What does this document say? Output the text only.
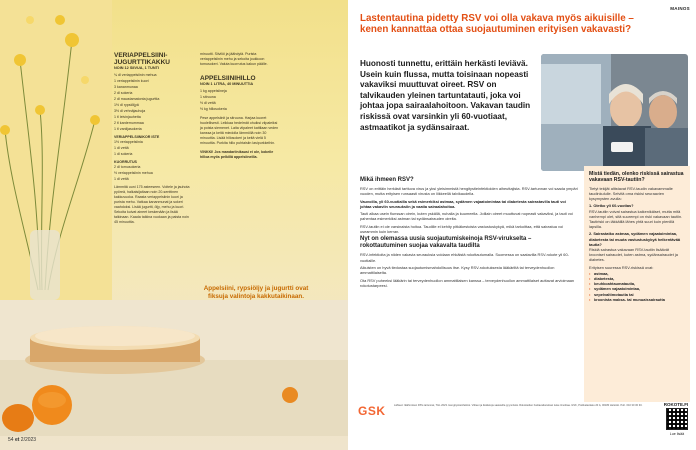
VERIAPPELSIINI-JUGURTTIKAKKU
NOIN 12 SIIVUA, 1 TUNTI

¾ dl veriappelsiinin mehua

1 veriappelsiinin kuori

3 kananmunaa

2 dl sokeria

2 dl maustamatonta jugurttia

1½ dl rypsiöljyä

3½ dl vehnäjauhoja

1 tl leivinjauhetta

2 tl kardemummaa

1 tl vaniljasokeria

VERIAPPELSIINIKOR ISTE

1½ veriappelsiinia

1 dl vettä

1 dl sokeria

KUORRUTUS

2 dl tomusokeria

½ veriappelsiinin mehua

1 dl vettä

Lämmitä uuni 175 asteeseen. Voitele ja jauhota pyöreä, halkaisijaltaan noin 20-senttinen kakkuvuoka. Raasta veriappelsiinin kuori ja purista mehu. Vatkaa kananmunat ja sokeri vaahdoksi. Lisää jugurtti, öljy, mehu ja kuori. Sekoita kuivat aineet keskenään ja lisää taikinaan. Kaada taikina vuokaan ja paista noin 45 minuuttia.

minuutti. Siivilöi ja jäähdytä. Purista veriappelsiinin mehu ja sekoita joukkoon tomusokeri. Valuta kuorrutus kakun päälle.

APPELSIINIHILLO
NOIN 1 LITRA, 40 MINUUTTIA

1 kg appelsiineja

1 sitruuna

½ dl vettä

½ kg hillosokeria

Pese appelsiinit ja sitruuna. Harjaa kuoret huolellisesti. Leikkaa hedelmät ohuiksi viipaleiksi ja poista siemenet. Laita viipaleet kattilaan veden kanssa ja keitä miedolla lämmöllä noin 30 minuuttia. Lisää hillosokeri ja keitä vielä 5 minuuttia. Purkita hillo puhtaisiin lasipurkkeihin.

VINKKI! Jos mandariinikausi ei ole, kokeile hilloa myös pelkillä appelsiineilla.

Appelsiini, rypsiöljy ja jugurtti ovat fiksuja valintoja kakkutaikinaan.
54 et 2/2023
MAINOS
Lastentautina pidetty RSV voi olla vakava myös aikuisille – kenen kannattaa ottaa suojautuminen erityisen vakavasti?
Huonosti tunnettu, erittäin herkästi leviävä. Usein kuin flussa, mutta toisinaan nopeasti vakaviksi muuttuvat oireet. RSV on talvikauden yleinen tartuntatauti, joka voi johtaa jopa sairaalahoitoon. Vakavan taudin riskissä ovat varsinkin yli 60-vuotiaat, astmaatikot ja sydänsairaat.
Mikä ihmeen RSV?

RSV on erittäin herkästi tarttuva virus ja yksi yleisimmistä hengitystieinfektioiden aiheuttajista. RSV-tartunnan voi saada ympäri vuoden, mutta erityisen runsaasti virusta on liikkeellä talvikaudella.

Vauvoilla, yli 60-vuotiailla sekä esimerkiksi astmaa, sydämen vajaatoimintaa tai diabetesta sairastavilla tauti voi johtaa vakaviin seurauksiin ja vaatia sairaalahoitoa.

Tauti alkaa usein flunssan oirein, kuten yskällä, nuhalla ja kuumeella. Joillain oireet muuttuvat nopeasti vakaviksi, ja tauti voi pahentaa esimerkiksi astman tai sydänsairauden oireita.

RSV-tautiin ei ole varsinaista hoitoa. Taudille ei kehity pitkäkestoista vastustuskykyä, mikä tarkoittaa, että sairastua voi useammin kuin kerran.

Nyt on olemassa uusia suojautumiskeinoja RSV-virukselta – rokottautuminen suojaa vakavalta taudilta

RSV-infektioita ja niiden vakavia seurauksia voidaan ehkäistä rokottautumalla. Suomessa on saatavilla RSV-rokote yli 60-vuotiaille.

Aikuisten on hyvä tiedostaa suojautumismahdollisuus itse. Kysy RSV-rokotuksesta lääkäriltä tai terveydenhuollon ammattilaiselta.

Ota RSV puheeksi lääkärin tai terveydenhuollon ammattilaisen kanssa – terveydenhuollon ammattilaiset auttavat arvioimaan rokotustarpeesi.

Mistä tiedän, olenko riskissä sairastua vakavaan RSV-tautiin?

Tietyt tekijät altistavat RSV-taudin vakavammalle taudinkululle. Selvitä oma riskisi seuraavien kysymysten avulla:

1. Oletko yli 60-vuotias?

RSV-tautiin voivat sairastua kaikenikäiset, mutta mitä vanhempi olet, sitä suurempi on riski vakavaan tautiin. Tautiriski on iäkkäillä lähes yhtä suuri kuin pienillä lapsilla.

2. Sairastatko astmaa, sydämen vajaatoimintaa, diabetesta tai muuta vastustuskykyä heikentävää tautia?

Riskiä sairastua vakavaan RSV-tautiin lisäävät krooniset sairaudet, kuten astma, sydänsairaudet ja diabetes.

Erityisen suuressa RSV-riskissä ovat:

• astmaa,
• diabetesta,
• keuhkoahtaumatautia,
• sydämen vajaatoimintaa,
• sepelvaltimotautia tai
• kroonista maksa- tai munuaissairautta
GSK	Lähteet: Ikäihmisten RSV-tartunnat, THL 2023. Hengitystieinfektiot. Viitteet ja lisätietoja saatavilla pyynnöstä. Rokotteiden haittavaikutukset tulee ilmoittaa. GSK, Porkkalankatu 20 A, 00180 Helsinki. Puh. 010 30 30 30.	ROKOTE.FI
Lue lisää
